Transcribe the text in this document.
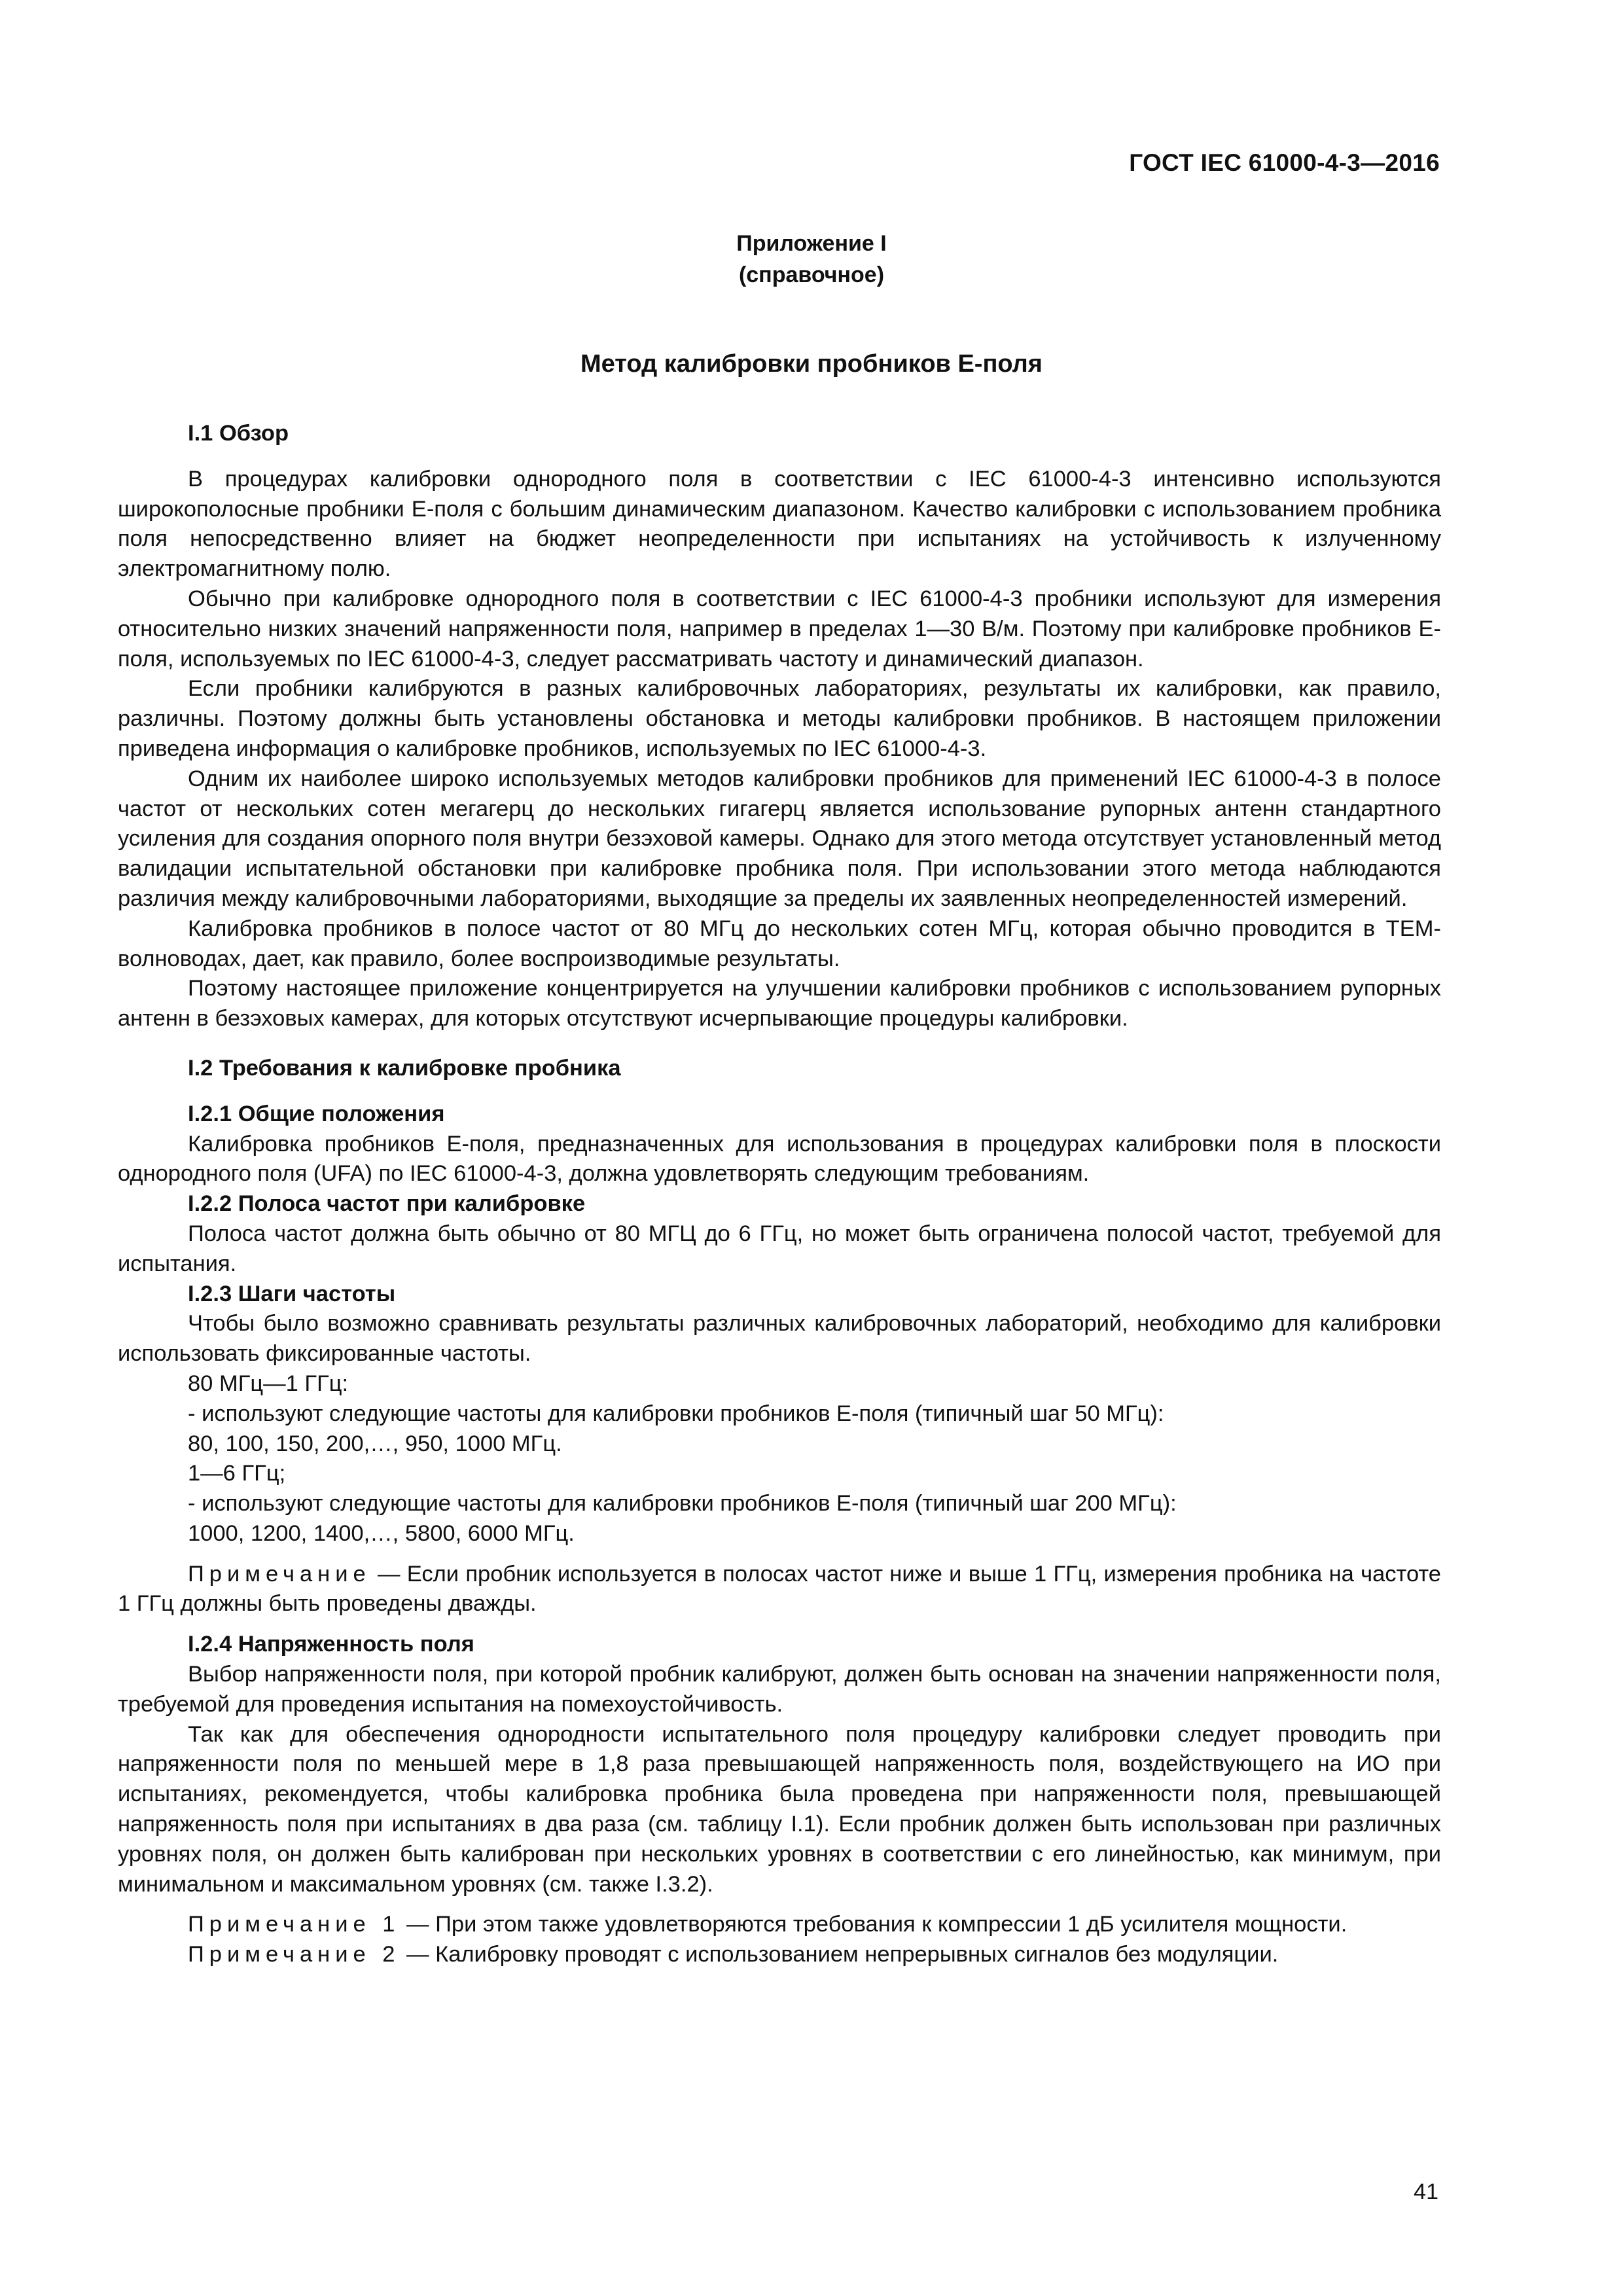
ГОСТ IEC 61000-4-3—2016
Приложение I
(справочное)
Метод калибровки пробников Е-поля
I.1 Обзор

В процедурах калибровки однородного поля в соответствии с IEC 61000-4-3 интенсивно используются широкополосные пробники Е-поля с большим динамическим диапазоном. Качество калибровки с использованием пробника поля непосредственно влияет на бюджет неопределенности при испытаниях на устойчивость к излученному электромагнитному полю.

Обычно при калибровке однородного поля в соответствии с IEC 61000-4-3 пробники используют для измерения относительно низких значений напряженности поля, например в пределах 1—30 В/м. Поэтому при калибровке пробников Е-поля, используемых по IEC 61000-4-3, следует рассматривать частоту и динамический диапазон.

Если пробники калибруются в разных калибровочных лабораториях, результаты их калибровки, как правило, различны. Поэтому должны быть установлены обстановка и методы калибровки пробников. В настоящем приложении приведена информация о калибровке пробников, используемых по IEC 61000-4-3.

Одним их наиболее широко используемых методов калибровки пробников для применений IEC 61000-4-3 в полосе частот от нескольких сотен мегагерц до нескольких гигагерц является использование рупорных антенн стандартного усиления для создания опорного поля внутри безэховой камеры. Однако для этого метода отсутствует установленный метод валидации испытательной обстановки при калибровке пробника поля. При использовании этого метода наблюдаются различия между калибровочными лабораториями, выходящие за пределы их заявленных неопределенностей измерений.

Калибровка пробников в полосе частот от 80 МГц до нескольких сотен МГц, которая обычно проводится в ТЕМ-волноводах, дает, как правило, более воспроизводимые результаты.

Поэтому настоящее приложение концентрируется на улучшении калибровки пробников с использованием рупорных антенн в безэховых камерах, для которых отсутствуют исчерпывающие процедуры калибровки.

I.2 Требования к калибровке пробника
I.2.1 Общие положения

Калибровка пробников Е-поля, предназначенных для использования в процедурах калибровки поля в плоскости однородного поля (UFA) по IEC 61000-4-3, должна удовлетворять следующим требованиям.

I.2.2 Полоса частот при калибровке

Полоса частот должна быть обычно от 80 МГЦ до 6 ГГц, но может быть ограничена полосой частот, требуемой для испытания.

I.2.3 Шаги частоты

Чтобы было возможно сравнивать результаты различных калибровочных лабораторий, необходимо для калибровки использовать фиксированные частоты.

80 МГц—1 ГГц:
- используют следующие частоты для калибровки пробников Е-поля (типичный шаг 50 МГц):
80, 100, 150, 200,…, 950, 1000 МГц.
1—6 ГГц;
- используют следующие частоты для калибровки пробников Е-поля (типичный шаг 200 МГц):
1000, 1200, 1400,…, 5800, 6000 МГц.

Примечание — Если пробник используется в полосах частот ниже и выше 1 ГГц, измерения пробника на частоте 1 ГГц должны быть проведены дважды.

I.2.4 Напряженность поля

Выбор напряженности поля, при которой пробник калибруют, должен быть основан на значении напряженности поля, требуемой для проведения испытания на помехоустойчивость.

Так как для обеспечения однородности испытательного поля процедуру калибровки следует проводить при напряженности поля по меньшей мере в 1,8 раза превышающей напряженность поля, воздействующего на ИО при испытаниях, рекомендуется, чтобы калибровка пробника была проведена при напряженности поля, превышающей напряженность поля при испытаниях в два раза (см. таблицу I.1). Если пробник должен быть использован при различных уровнях поля, он должен быть калиброван при нескольких уровнях в соответствии с его линейностью, как минимум, при минимальном и максимальном уровнях (см. также I.3.2).

Примечание 1 — При этом также удовлетворяются требования к компрессии 1 дБ усилителя мощности.

Примечание 2 — Калибровку проводят с использованием непрерывных сигналов без модуляции.

41
